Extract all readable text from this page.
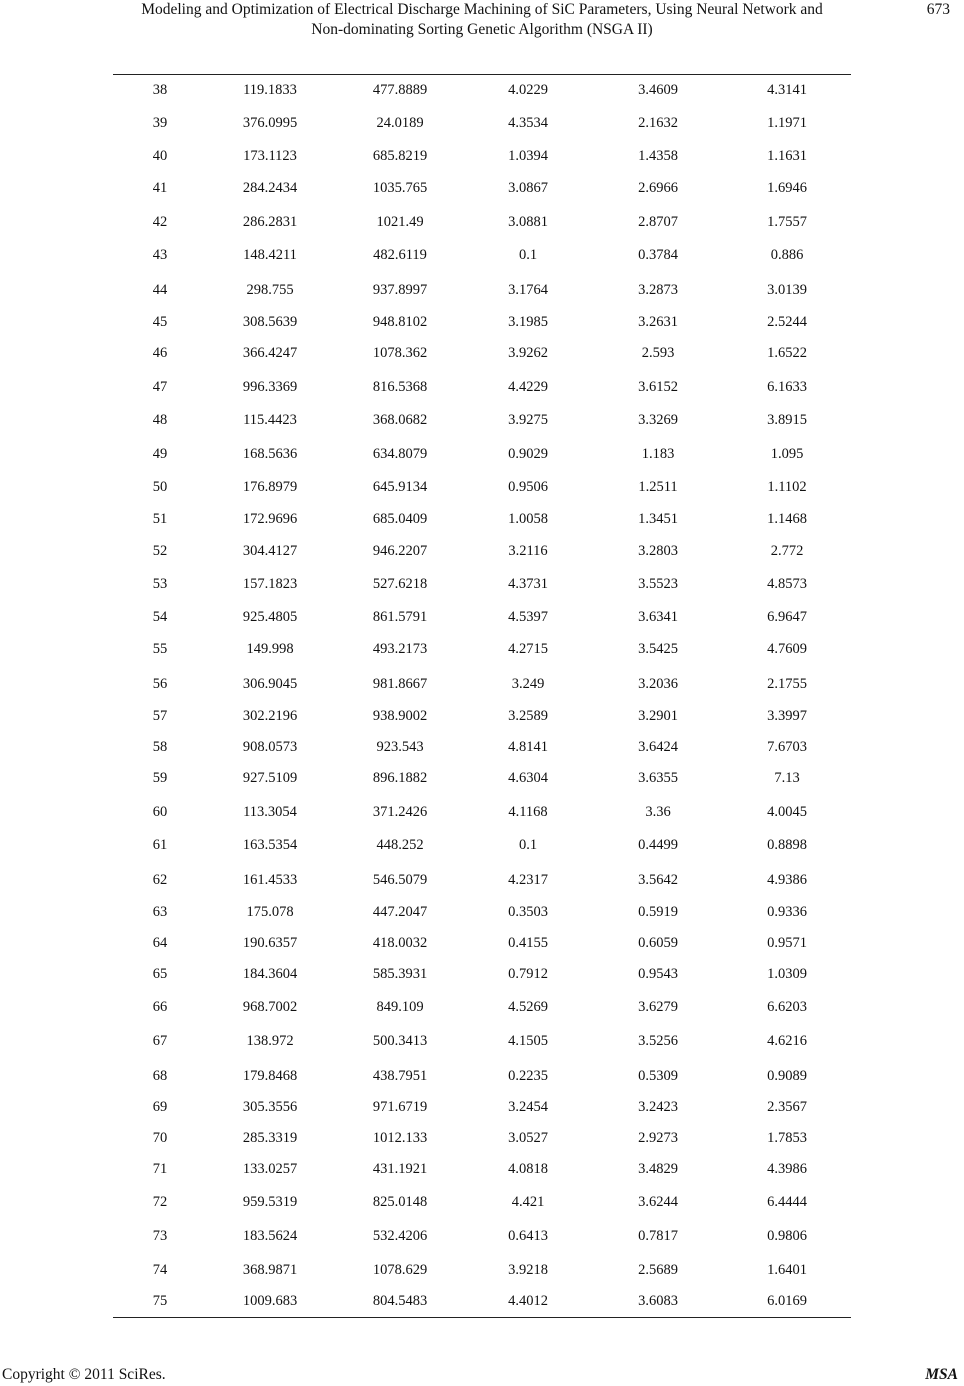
Modeling and Optimization of Electrical Discharge Machining of SiC Parameters, Using Neural Network and
Non-dominating Sorting Genetic Algorithm (NSGA II)
673
38	119.1833	477.8889	4.0229	3.4609	4.3141
39	376.0995	24.0189	4.3534	2.1632	1.1971
40	173.1123	685.8219	1.0394	1.4358	1.1631
41	284.2434	1035.765	3.0867	2.6966	1.6946
42	286.2831	1021.49	3.0881	2.8707	1.7557
43	148.4211	482.6119	0.1	0.3784	0.886
44	298.755	937.8997	3.1764	3.2873	3.0139
45	308.5639	948.8102	3.1985	3.2631	2.5244
46	366.4247	1078.362	3.9262	2.593	1.6522
47	996.3369	816.5368	4.4229	3.6152	6.1633
48	115.4423	368.0682	3.9275	3.3269	3.8915
49	168.5636	634.8079	0.9029	1.183	1.095
50	176.8979	645.9134	0.9506	1.2511	1.1102
51	172.9696	685.0409	1.0058	1.3451	1.1468
52	304.4127	946.2207	3.2116	3.2803	2.772
53	157.1823	527.6218	4.3731	3.5523	4.8573
54	925.4805	861.5791	4.5397	3.6341	6.9647
55	149.998	493.2173	4.2715	3.5425	4.7609
56	306.9045	981.8667	3.249	3.2036	2.1755
57	302.2196	938.9002	3.2589	3.2901	3.3997
58	908.0573	923.543	4.8141	3.6424	7.6703
59	927.5109	896.1882	4.6304	3.6355	7.13
60	113.3054	371.2426	4.1168	3.36	4.0045
61	163.5354	448.252	0.1	0.4499	0.8898
62	161.4533	546.5079	4.2317	3.5642	4.9386
63	175.078	447.2047	0.3503	0.5919	0.9336
64	190.6357	418.0032	0.4155	0.6059	0.9571
65	184.3604	585.3931	0.7912	0.9543	1.0309
66	968.7002	849.109	4.5269	3.6279	6.6203
67	138.972	500.3413	4.1505	3.5256	4.6216
68	179.8468	438.7951	0.2235	0.5309	0.9089
69	305.3556	971.6719	3.2454	3.2423	2.3567
70	285.3319	1012.133	3.0527	2.9273	1.7853
71	133.0257	431.1921	4.0818	3.4829	4.3986
72	959.5319	825.0148	4.421	3.6244	6.4444
73	183.5624	532.4206	0.6413	0.7817	0.9806
74	368.9871	1078.629	3.9218	2.5689	1.6401
75	1009.683	804.5483	4.4012	3.6083	6.0169
Copyright © 2011 SciRes.	MSA
